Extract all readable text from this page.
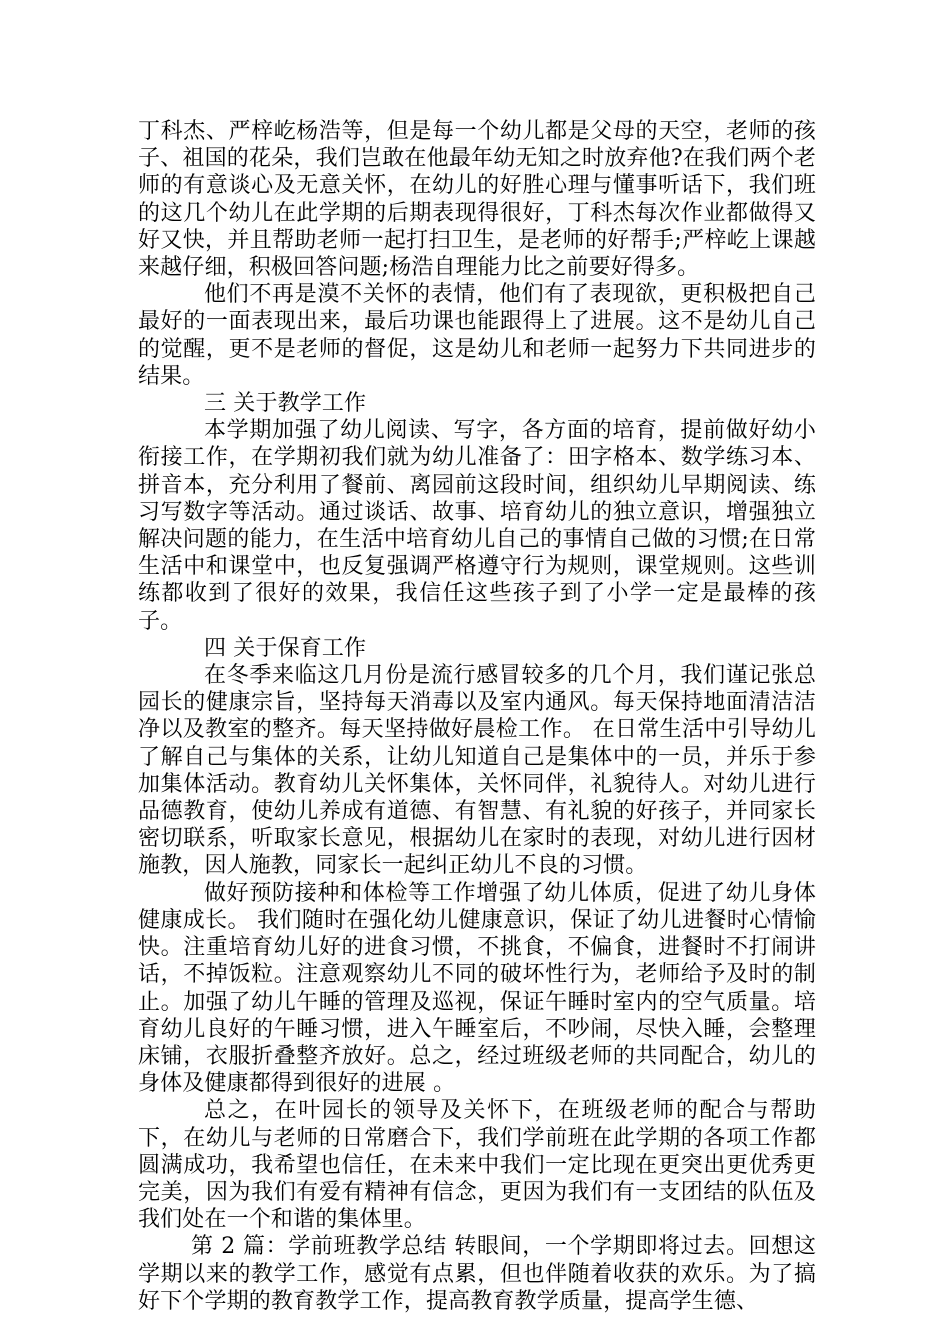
丁科杰、严梓屹杨浩等，但是每一个幼儿都是父母的天空，老师的孩子、祖国的花朵，我们岂敢在他最年幼无知之时放弃他?在我们两个老师的有意谈心及无意关怀，在幼儿的好胜心理与懂事听话下，我们班的这几个幼儿在此学期的后期表现得很好，丁科杰每次作业都做得又好又快，并且帮助老师一起打扫卫生，是老师的好帮手;严梓屹上课越来越仔细，积极回答问题;杨浩自理能力比之前要好得多。

他们不再是漠不关怀的表情，他们有了表现欲，更积极把自己最好的一面表现出来，最后功课也能跟得上了进展。这不是幼儿自己的觉醒，更不是老师的督促，这是幼儿和老师一起努力下共同进步的结果。

三 关于教学工作

本学期加强了幼儿阅读、写字，各方面的培育，提前做好幼小衔接工作，在学期初我们就为幼儿准备了：田字格本、数学练习本、拼音本，充分利用了餐前、离园前这段时间，组织幼儿早期阅读、练习写数字等活动。通过谈话、故事、培育幼儿的独立意识，增强独立解决问题的能力，在生活中培育幼儿自己的事情自己做的习惯;在日常生活中和课堂中，也反复强调严格遵守行为规则，课堂规则。这些训练都收到了很好的效果，我信任这些孩子到了小学一定是最棒的孩子。

四 关于保育工作

在冬季来临这几月份是流行感冒较多的几个月，我们谨记张总园长的健康宗旨，坚持每天消毒以及室内通风。每天保持地面清洁洁净以及教室的整齐。每天坚持做好晨检工作。 在日常生活中引导幼儿了解自己与集体的关系，让幼儿知道自己是集体中的一员，并乐于参加集体活动。教育幼儿关怀集体，关怀同伴，礼貌待人。对幼儿进行品德教育，使幼儿养成有道德、有智慧、有礼貌的好孩子，并同家长密切联系，听取家长意见，根据幼儿在家时的表现，对幼儿进行因材施教，因人施教，同家长一起纠正幼儿不良的习惯。

做好预防接种和体检等工作增强了幼儿体质，促进了幼儿身体健康成长。 我们随时在强化幼儿健康意识，保证了幼儿进餐时心情愉快。注重培育幼儿好的进食习惯，不挑食，不偏食，进餐时不打闹讲话，不掉饭粒。注意观察幼儿不同的破坏性行为，老师给予及时的制止。加强了幼儿午睡的管理及巡视，保证午睡时室内的空气质量。培育幼儿良好的午睡习惯，进入午睡室后，不吵闹，尽快入睡，会整理床铺，衣服折叠整齐放好。总之，经过班级老师的共同配合，幼儿的身体及健康都得到很好的进展 。

总之，在叶园长的领导及关怀下，在班级老师的配合与帮助下，在幼儿与老师的日常磨合下，我们学前班在此学期的各项工作都圆满成功，我希望也信任，在未来中我们一定比现在更突出更优秀更完美，因为我们有爱有精神有信念，更因为我们有一支团结的队伍及我们处在一个和谐的集体里。

第 2 篇：学前班教学总结 转眼间，一个学期即将过去。回想这学期以来的教学工作，感觉有点累，但也伴随着收获的欢乐。为了搞好下个学期的教育教学工作，提高教育教学质量，提高学生德、
